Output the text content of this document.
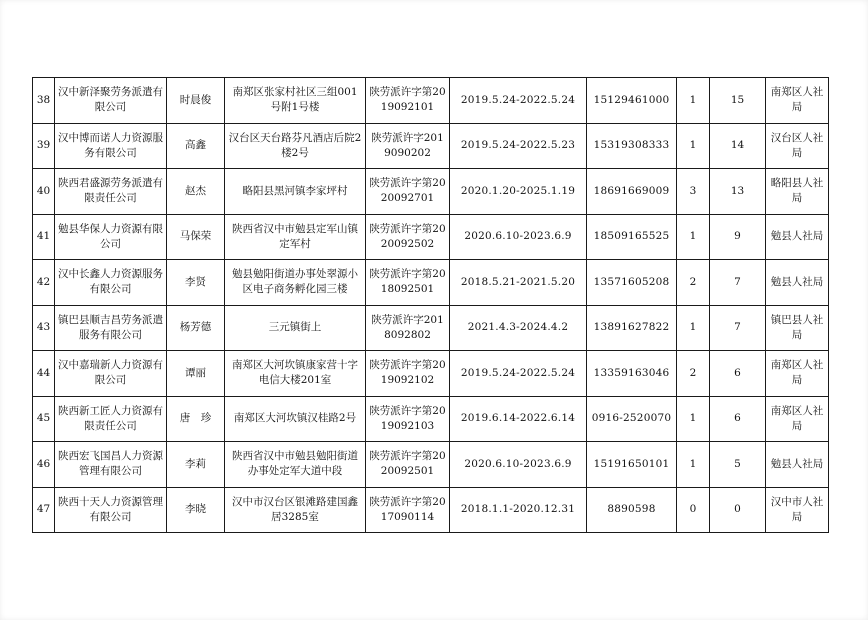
38	汉中新泽聚劳务派遣有限公司	时晨俊	南郑区张家村社区三组001号附1号楼	陕劳派许字第2019092101	2019.5.24-2022.5.24	15129461000	1	15	南郑区人社局
39	汉中博而诺人力资源服务有限公司	高鑫	汉台区天台路芬凡酒店后院2楼2号	陕劳派许字2019090202	2019.5.24-2022.5.23	15319308333	1	14	汉台区人社局
40	陕西君盛源劳务派遣有限责任公司	赵杰	略阳县黑河镇李家坪村	陕劳派许字第2020092701	2020.1.20-2025.1.19	18691669009	3	13	略阳县人社局
41	勉县华保人力资源有限公司	马保荣	陕西省汉中市勉县定军山镇定军村	陕劳派许字第2020092502	2020.6.10-2023.6.9	18509165525	1	9	勉县人社局
42	汉中长鑫人力资源服务有限公司	李贤	勉县勉阳街道办事处翠源小区电子商务孵化园三楼	陕劳派许字第2018092501	2018.5.21-2021.5.20	13571605208	2	7	勉县人社局
43	镇巴县顺吉昌劳务派遣服务有限公司	杨芳德	三元镇街上	陕劳派许字2018092802	2021.4.3-2024.4.2	13891627822	1	7	镇巴县人社局
44	汉中嘉瑞新人力资源有限公司	谭丽	南郑区大河坎镇康家营十字电信大楼201室	陕劳派许字第2019092102	2019.5.24-2022.5.24	13359163046	2	6	南郑区人社局
45	陕西新工匠人力资源有限责任公司	唐　珍	南郑区大河坎镇汉桂路2号	陕劳派许字第2019092103	2019.6.14-2022.6.14	0916-2520070	1	6	南郑区人社局
46	陕西宏飞国昌人力资源管理有限公司	李莉	陕西省汉中市勉县勉阳街道办事处定军大道中段	陕劳派许字第2020092501	2020.6.10-2023.6.9	15191650101	1	5	勉县人社局
47	陕西十天人力资源管理有限公司	李晓	汉中市汉台区银滩路建国鑫居3285室	陕劳派许字第2017090114	2018.1.1-2020.12.31	8890598	0	0	汉中市人社局
